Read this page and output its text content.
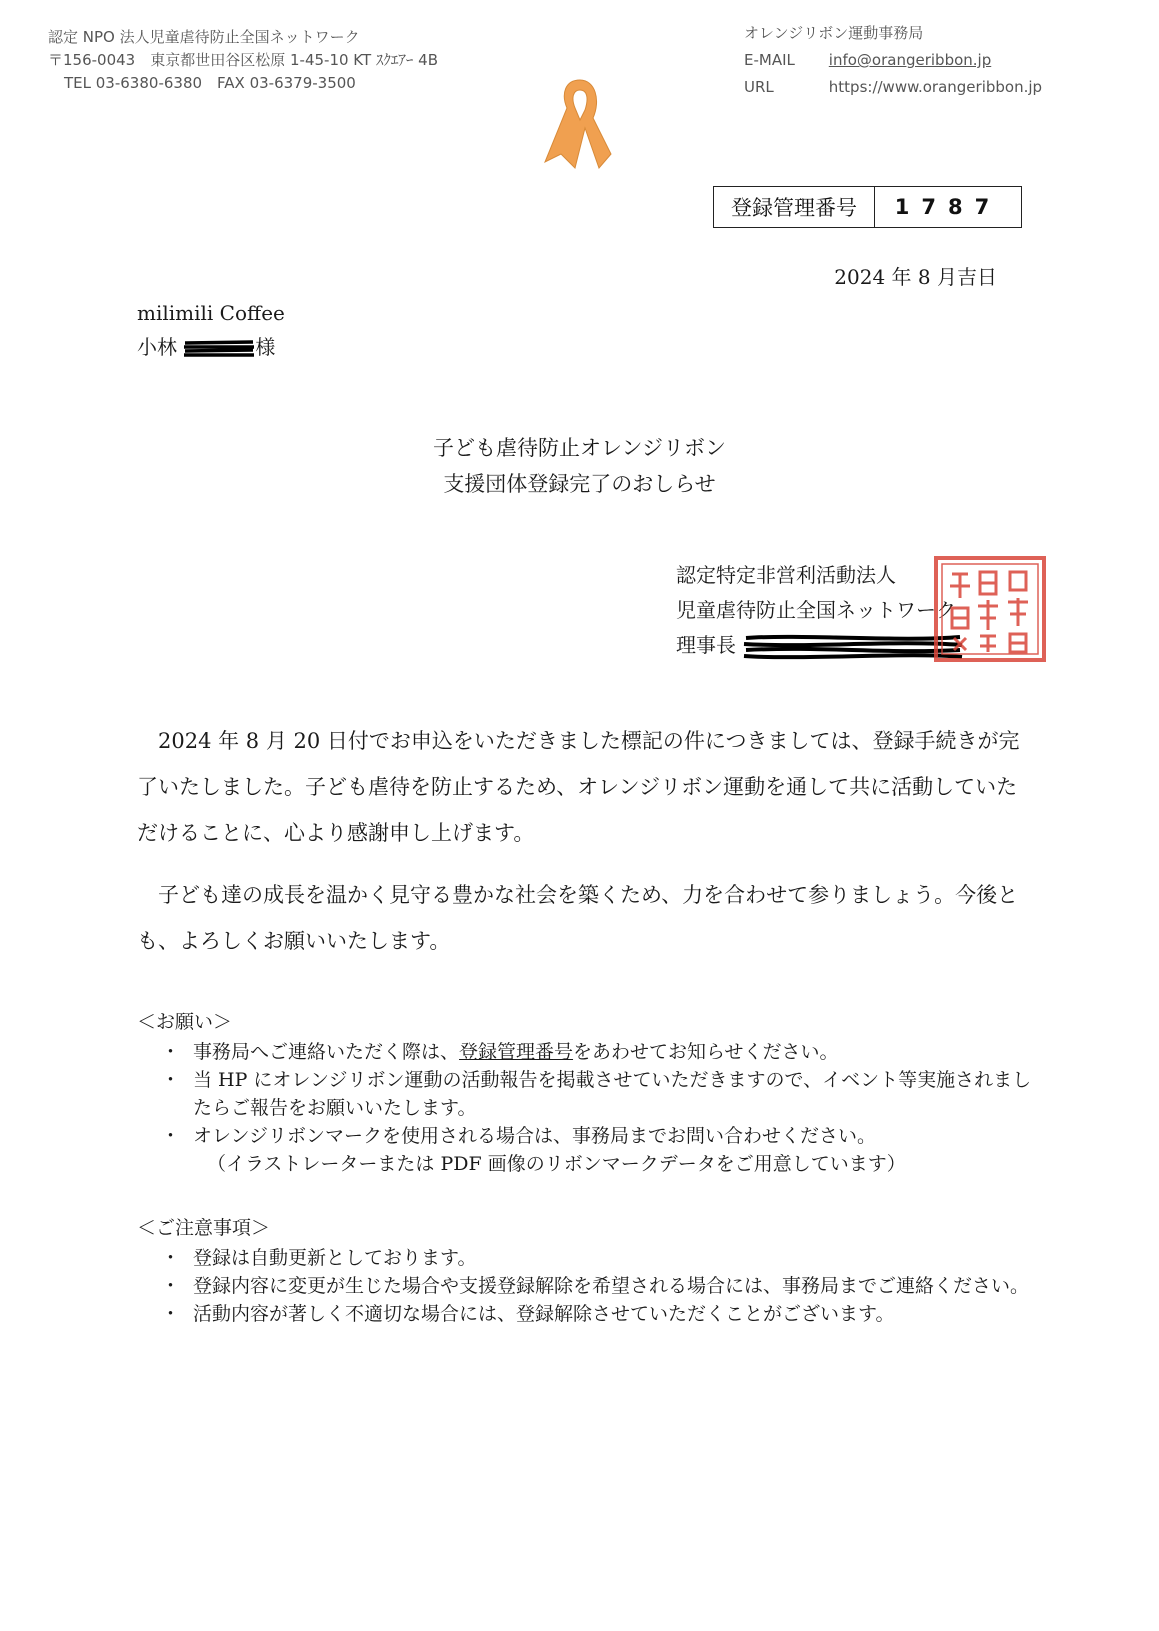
認定 NPO 法人児童虐待防止全国ネットワーク
〒156-0043　東京都世田谷区松原 1-45-10 KT ｽｸｴｱｰ 4B
TEL 03-6380-6380　FAX 03-6379-3500
オレンジリボン運動事務局
E-MAIL info@orangeribbon.jp
URL	https://www.orangeribbon.jp
登録管理番号	1787
2024 年 8 月吉日
milimili Coffee
小林	様
子ども虐待防止オレンジリボン
支援団体登録完了のおしらせ
認定特定非営利活動法人
児童虐待防止全国ネットワーク
理事長

2024 年 8 月 20 日付でお申込をいただきました標記の件につきましては、登録手続きが完了いたしました。子ども虐待を防止するため、オレンジリボン運動を通して共に活動していただけることに、心より感謝申し上げます。

子ども達の成長を温かく見守る豊かな社会を築くため、力を合わせて参りましょう。今後とも、よろしくお願いいたします。

＜お願い＞
・ 事務局へご連絡いただく際は、登録管理番号をあわせてお知らせください。
・ 当 HP にオレンジリボン運動の活動報告を掲載させていただきますので、イベント等実施されましたらご報告をお願いいたします。
・ オレンジリボンマークを使用される場合は、事務局までお問い合わせください。
（イラストレーターまたは PDF 画像のリボンマークデータをご用意しています）
＜ご注意事項＞
・ 登録は自動更新としております。
・ 登録内容に変更が生じた場合や支援登録解除を希望される場合には、事務局までご連絡ください。
・ 活動内容が著しく不適切な場合には、登録解除させていただくことがございます。
